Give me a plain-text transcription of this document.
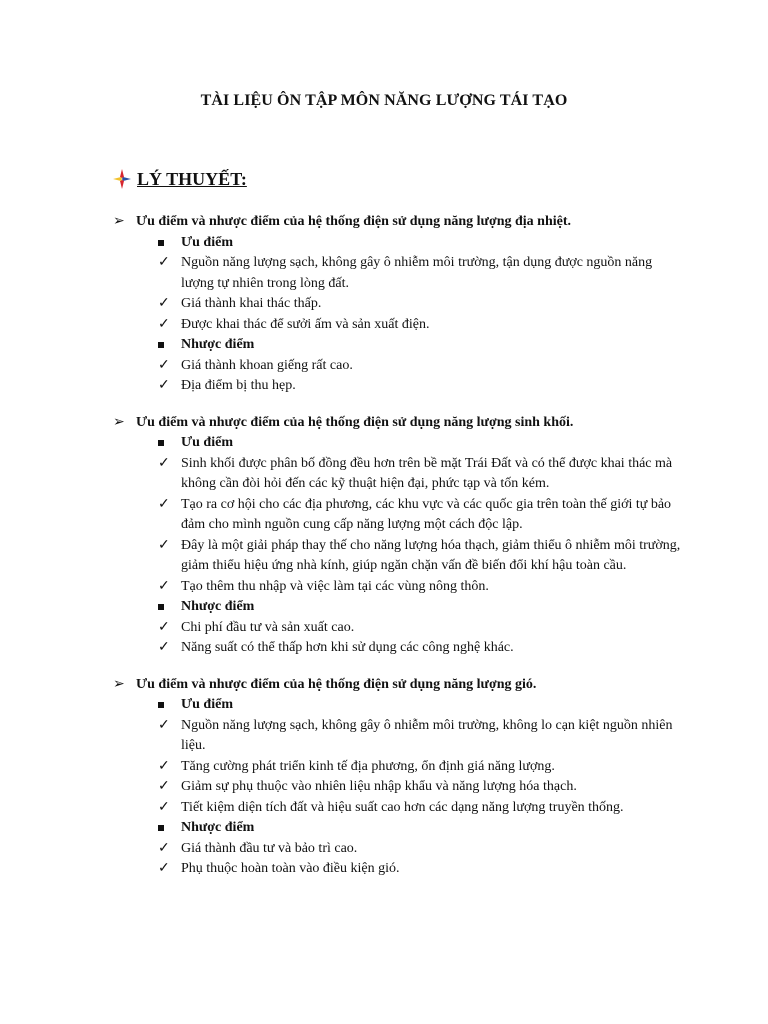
TÀI LIỆU ÔN TẬP MÔN NĂNG LƯỢNG TÁI TẠO
LÝ THUYẾT:
➢ Ưu điểm và nhược điểm của hệ thống điện sử dụng năng lượng địa nhiệt.
Ưu điểm
✓ Nguồn năng lượng sạch, không gây ô nhiễm môi trường, tận dụng được nguồn năng lượng tự nhiên trong lòng đất.
✓ Giá thành khai thác thấp.
✓ Được khai thác để sưởi ấm và sản xuất điện.
Nhược điểm
✓ Giá thành khoan giếng rất cao.
✓ Địa điểm bị thu hẹp.
➢ Ưu điểm và nhược điểm của hệ thống điện sử dụng năng lượng sinh khối.
Ưu điểm
✓ Sinh khối được phân bố đồng đều hơn trên bề mặt Trái Đất và có thể được khai thác mà không cần đòi hỏi đến các kỹ thuật hiện đại, phức tạp và tốn kém.
✓ Tạo ra cơ hội cho các địa phương, các khu vực và các quốc gia trên toàn thế giới tự bảo đảm cho mình nguồn cung cấp năng lượng một cách độc lập.
✓ Đây là một giải pháp thay thế cho năng lượng hóa thạch, giảm thiểu ô nhiễm môi trường, giảm thiểu hiệu ứng nhà kính, giúp ngăn chặn vấn đề biến đổi khí hậu toàn cầu.
✓ Tạo thêm thu nhập và việc làm tại các vùng nông thôn.
Nhược điểm
✓ Chi phí đầu tư và sản xuất cao.
✓ Năng suất có thể thấp hơn khi sử dụng các công nghệ khác.
➢ Ưu điểm và nhược điểm của hệ thống điện sử dụng năng lượng gió.
Ưu điểm
✓ Nguồn năng lượng sạch, không gây ô nhiễm môi trường, không lo cạn kiệt nguồn nhiên liệu.
✓ Tăng cường phát triển kinh tế địa phương, ổn định giá năng lượng.
✓ Giảm sự phụ thuộc vào nhiên liệu nhập khẩu và năng lượng hóa thạch.
✓ Tiết kiệm diện tích đất và hiệu suất cao hơn các dạng năng lượng truyền thống.
Nhược điểm
✓ Giá thành đầu tư và bảo trì cao.
✓ Phụ thuộc hoàn toàn vào điều kiện gió.
